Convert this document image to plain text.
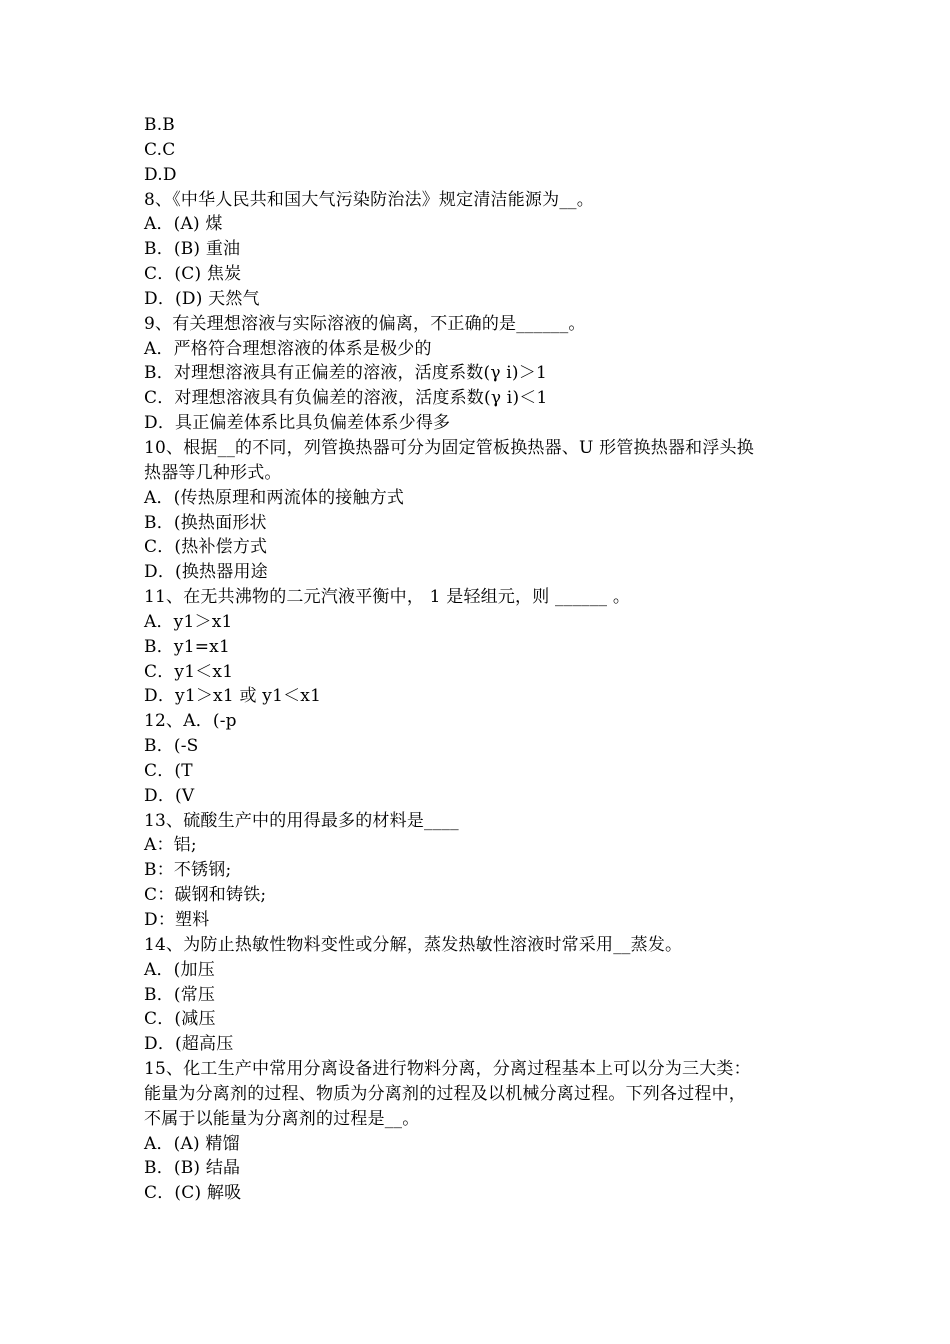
B.B
C.C
D.D
8、《中华人民共和国大气污染防治法》规定清洁能源为__。
A．(A) 煤
B．(B) 重油
C．(C) 焦炭
D．(D) 天然气
9、有关理想溶液与实际溶液的偏离，不正确的是______。
A．严格符合理想溶液的体系是极少的
B．对理想溶液具有正偏差的溶液，活度系数(γ i)＞1
C．对理想溶液具有负偏差的溶液，活度系数(γ i)＜1
D．具正偏差体系比具负偏差体系少得多
10、根据__的不同，列管换热器可分为固定管板换热器、U 形管换热器和浮头换
热器等几种形式。
A．(传热原理和两流体的接触方式
B．(换热面形状
C．(热补偿方式
D．(换热器用途
11、在无共沸物的二元汽液平衡中， 1 是轻组元，则 ______ 。
A．y1＞x1
B．y1=x1
C．y1＜x1
D．y1＞x1 或 y1＜x1
12、A．(-p
B．(-S
C．(T
D．(V
13、硫酸生产中的用得最多的材料是____
A：铝;
B：不锈钢;
C：碳钢和铸铁;
D：塑料
14、为防止热敏性物料变性或分解，蒸发热敏性溶液时常采用__蒸发。
A．(加压
B．(常压
C．(减压
D．(超高压
15、化工生产中常用分离设备进行物料分离，分离过程基本上可以分为三大类：
能量为分离剂的过程、物质为分离剂的过程及以机械分离过程。下列各过程中，
不属于以能量为分离剂的过程是__。
A．(A) 精馏
B．(B) 结晶
C．(C) 解吸
